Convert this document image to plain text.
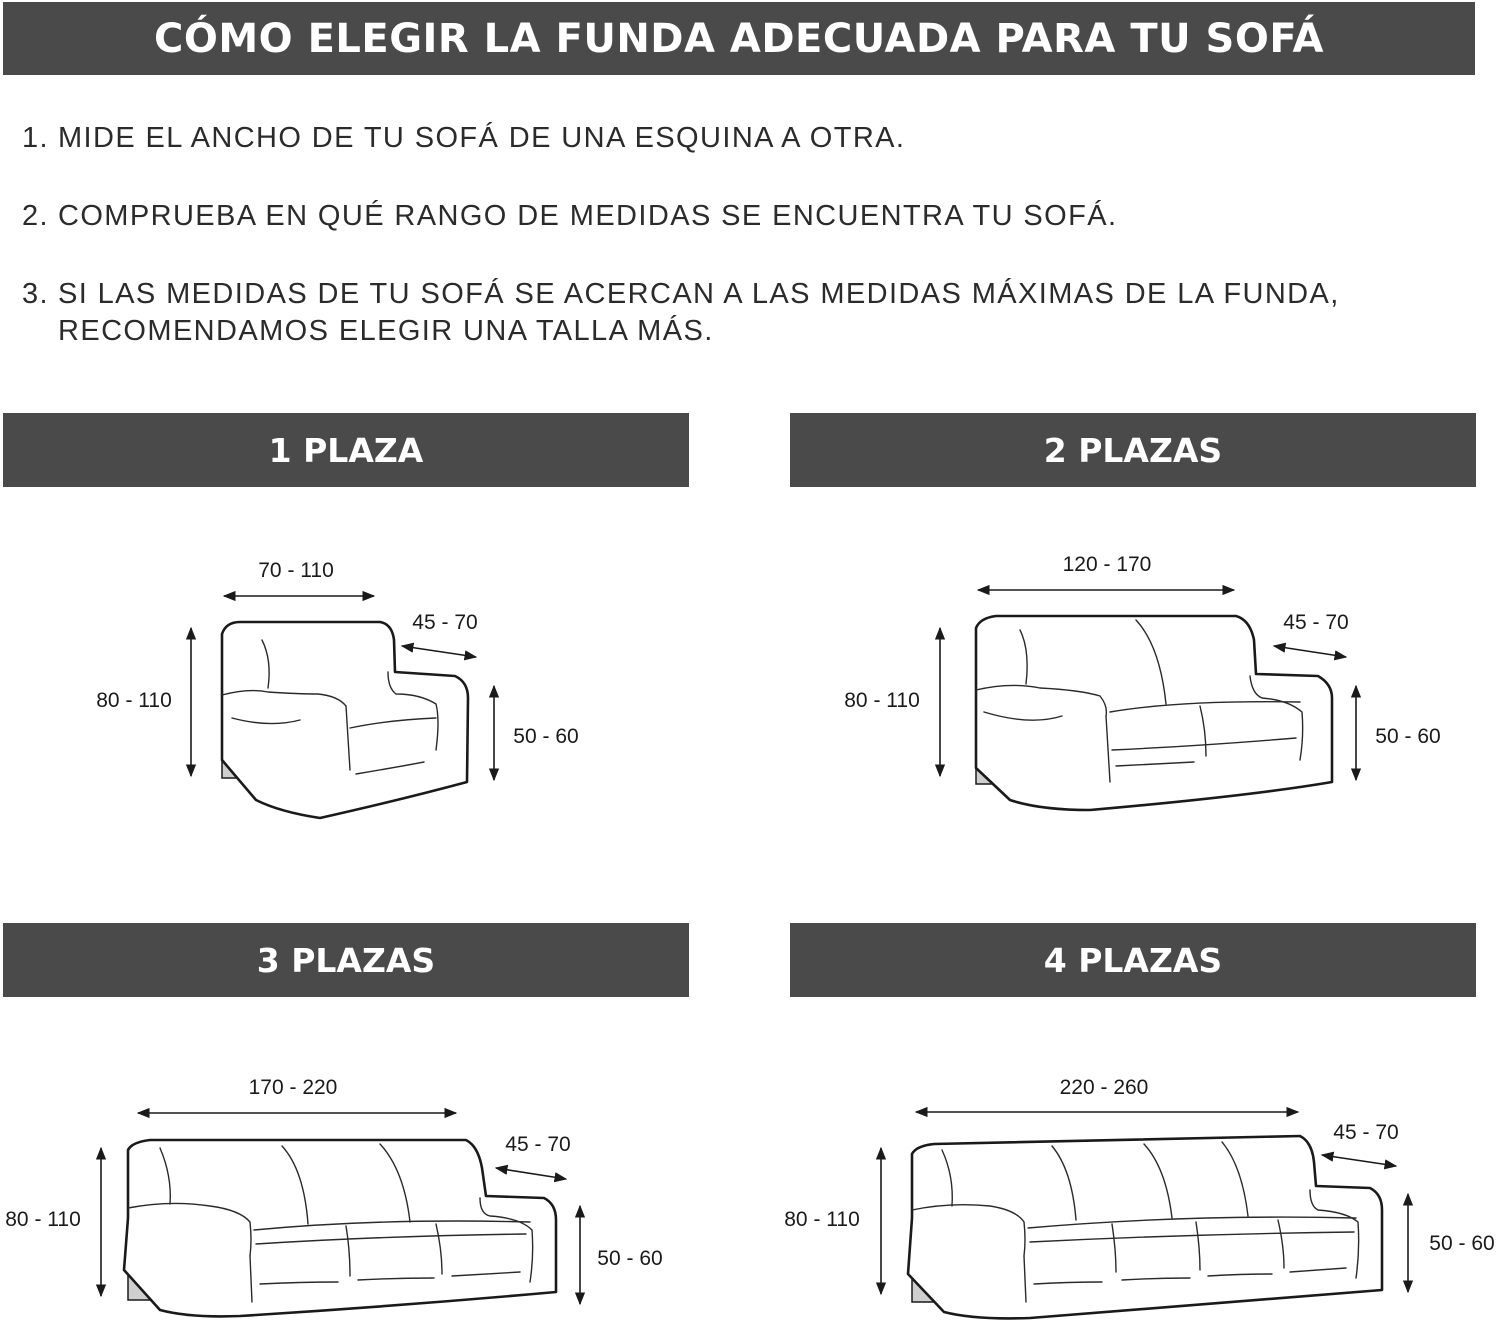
CÓMO ELEGIR LA FUNDA ADECUADA PARA TU SOFÁ
1. MIDE EL ANCHO DE TU SOFÁ DE UNA ESQUINA A OTRA.
2. COMPRUEBA EN QUÉ RANGO DE MEDIDAS SE ENCUENTRA TU SOFÁ.
3. SI LAS MEDIDAS DE TU SOFÁ SE ACERCAN A LAS MEDIDAS MÁXIMAS DE LA FUNDA,
RECOMENDAMOS ELEGIR UNA TALLA MÁS.
1 PLAZA	2 PLAZAS
3 PLAZAS	4 PLAZAS
70 - 110
45 - 70
80 - 110
50 - 60
120 - 170
45 - 70
80 - 110
50 - 60
170 - 220
45 - 70
80 - 110
50 - 60
220 - 260
45 - 70
80 - 110
50 - 60
